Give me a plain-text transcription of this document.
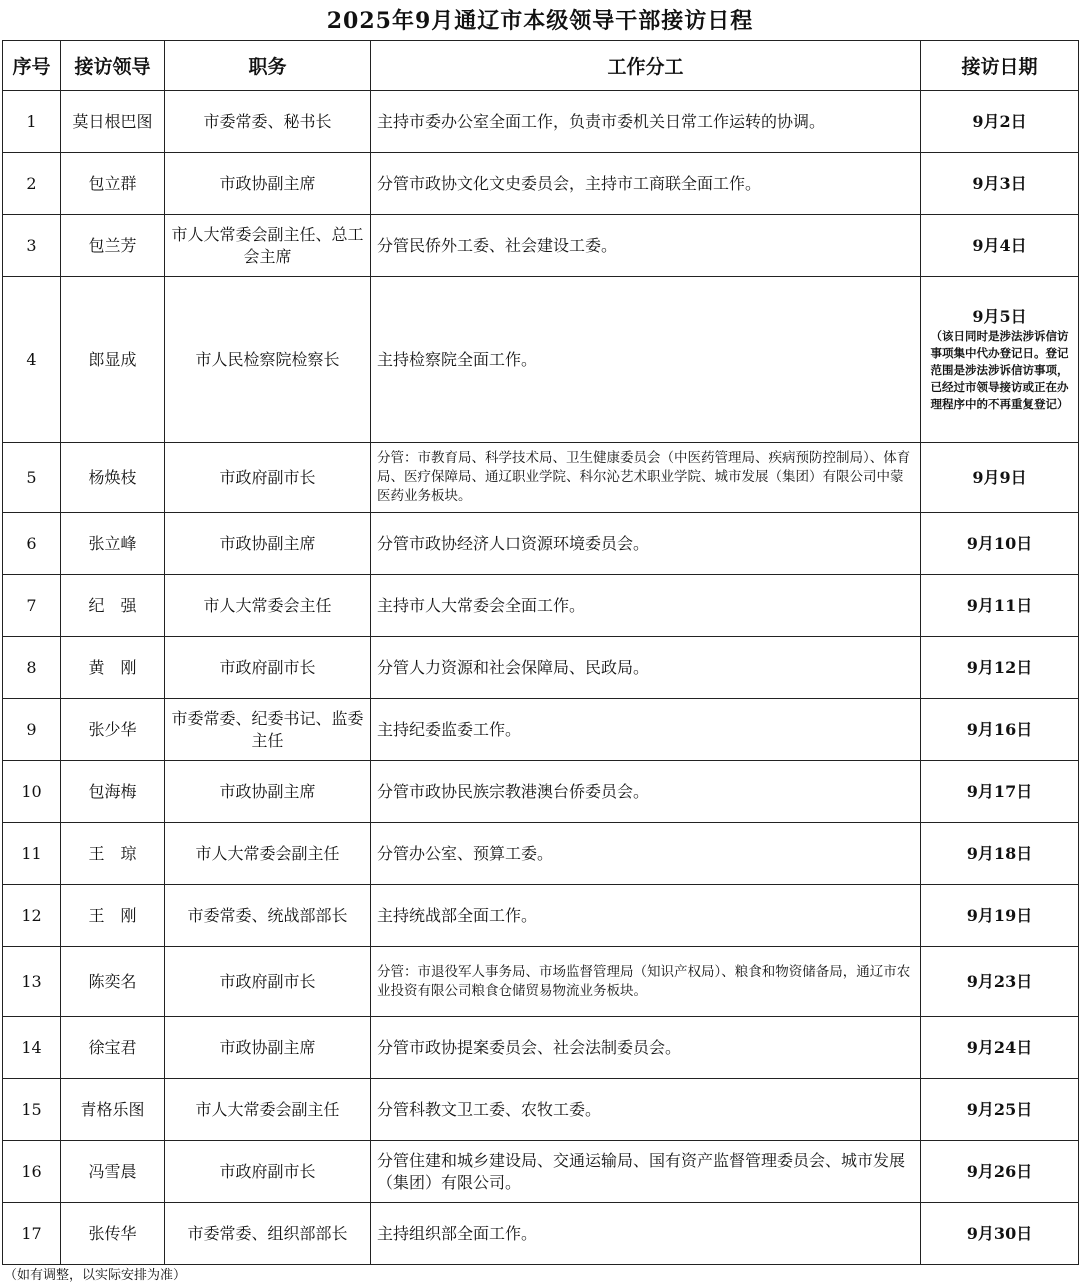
2025年9月通辽市本级领导干部接访日程
序号	接访领导	职务	工作分工	接访日期
1	莫日根巴图	市委常委、秘书长	主持市委办公室全面工作，负责市委机关日常工作运转的协调。	9月2日

2	包立群	市政协副主席	分管市政协文化文史委员会，主持市工商联全面工作。	9月3日

3	包兰芳	市人大常委会副主任、总工会主席	分管民侨外工委、社会建设工委。	9月4日

4	郎显成	市人民检察院检察长	主持检察院全面工作。	9月5日
（该日同时是涉法涉诉信访事项集中代办登记日。登记范围是涉法涉诉信访事项，已经过市领导接访或正在办理程序中的不再重复登记）

5	杨焕枝	市政府副市长	分管：市教育局、科学技术局、卫生健康委员会（中医药管理局、疾病预防控制局）、体育局、医疗保障局、通辽职业学院、科尔沁艺术职业学院、城市发展（集团）有限公司中蒙医药业务板块。	9月9日

6	张立峰	市政协副主席	分管市政协经济人口资源环境委员会。	9月10日

7	纪　强	市人大常委会主任	主持市人大常委会全面工作。	9月11日

8	黄　刚	市政府副市长	分管人力资源和社会保障局、民政局。	9月12日

9	张少华	市委常委、纪委书记、监委主任	主持纪委监委工作。	9月16日

10	包海梅	市政协副主席	分管市政协民族宗教港澳台侨委员会。	9月17日

11	王　琼	市人大常委会副主任	分管办公室、预算工委。	9月18日

12	王　刚	市委常委、统战部部长	主持统战部全面工作。	9月19日

13	陈奕名	市政府副市长	分管：市退役军人事务局、市场监督管理局（知识产权局）、粮食和物资储备局，通辽市农业投资有限公司粮食仓储贸易物流业务板块。	9月23日

14	徐宝君	市政协副主席	分管市政协提案委员会、社会法制委员会。	9月24日

15	青格乐图	市人大常委会副主任	分管科教文卫工委、农牧工委。	9月25日

16	冯雪晨	市政府副市长	分管住建和城乡建设局、交通运输局、国有资产监督管理委员会、城市发展（集团）有限公司。	9月26日

17	张传华	市委常委、组织部部长	主持组织部全面工作。	9月30日
（如有调整，以实际安排为准）
